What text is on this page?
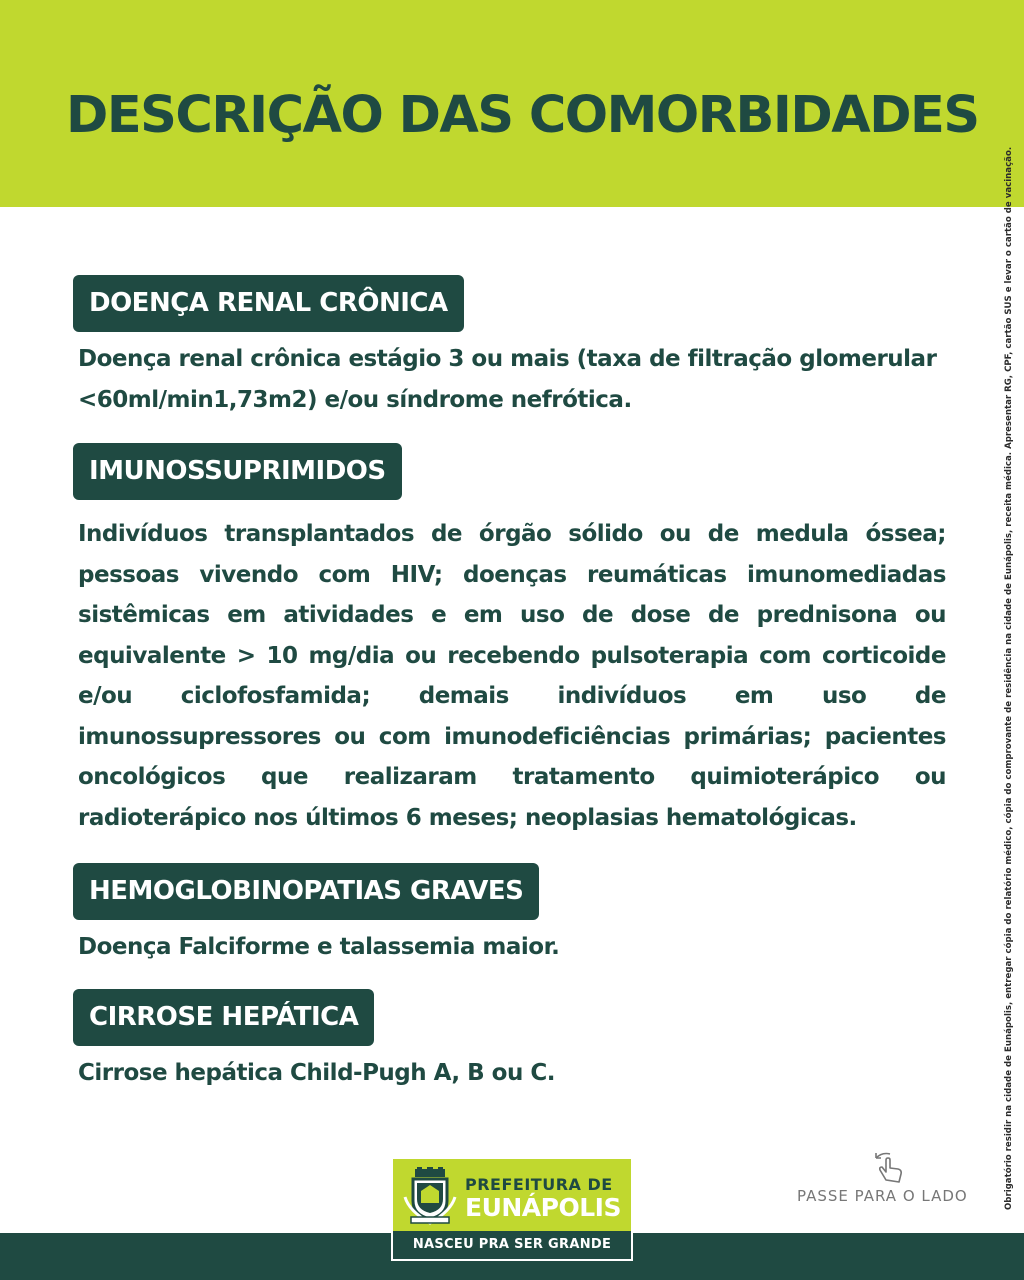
DESCRIÇÃO DAS COMORBIDADES
Obrigatório residir na cidade de Eunápolis, entregar cópia do relatório médico, cópia do comprovante de residência na cidade de Eunápolis, receita médica. Apresentar RG, CPF, cartão SUS e levar o cartão de vacinação.
DOENÇA RENAL CRÔNICA
Doença renal crônica estágio 3 ou mais (taxa de filtração glomerular <60ml/min1,73m2) e/ou síndrome nefrótica.
IMUNOSSUPRIMIDOS
Indivíduos transplantados de órgão sólido ou de medula óssea; pessoas vivendo com HIV; doenças reumáticas imunomediadas sistêmicas em atividades e em uso de dose de prednisona ou equivalente > 10 mg/dia ou recebendo pulsoterapia com corticoide e/ou ciclofosfamida; demais indivíduos em uso de imunossupressores ou com imunodeficiências primárias; pacientes oncológicos que realizaram tratamento quimioterápico ou radioterápico nos últimos 6 meses; neoplasias hematológicas.
HEMOGLOBINOPATIAS GRAVES
Doença Falciforme e talassemia maior.
CIRROSE HEPÁTICA
Cirrose hepática Child-Pugh A, B ou C.
PREFEITURA DE
EUNÁPOLIS
NASCEU PRA SER GRANDE
PASSE PARA O LADO
